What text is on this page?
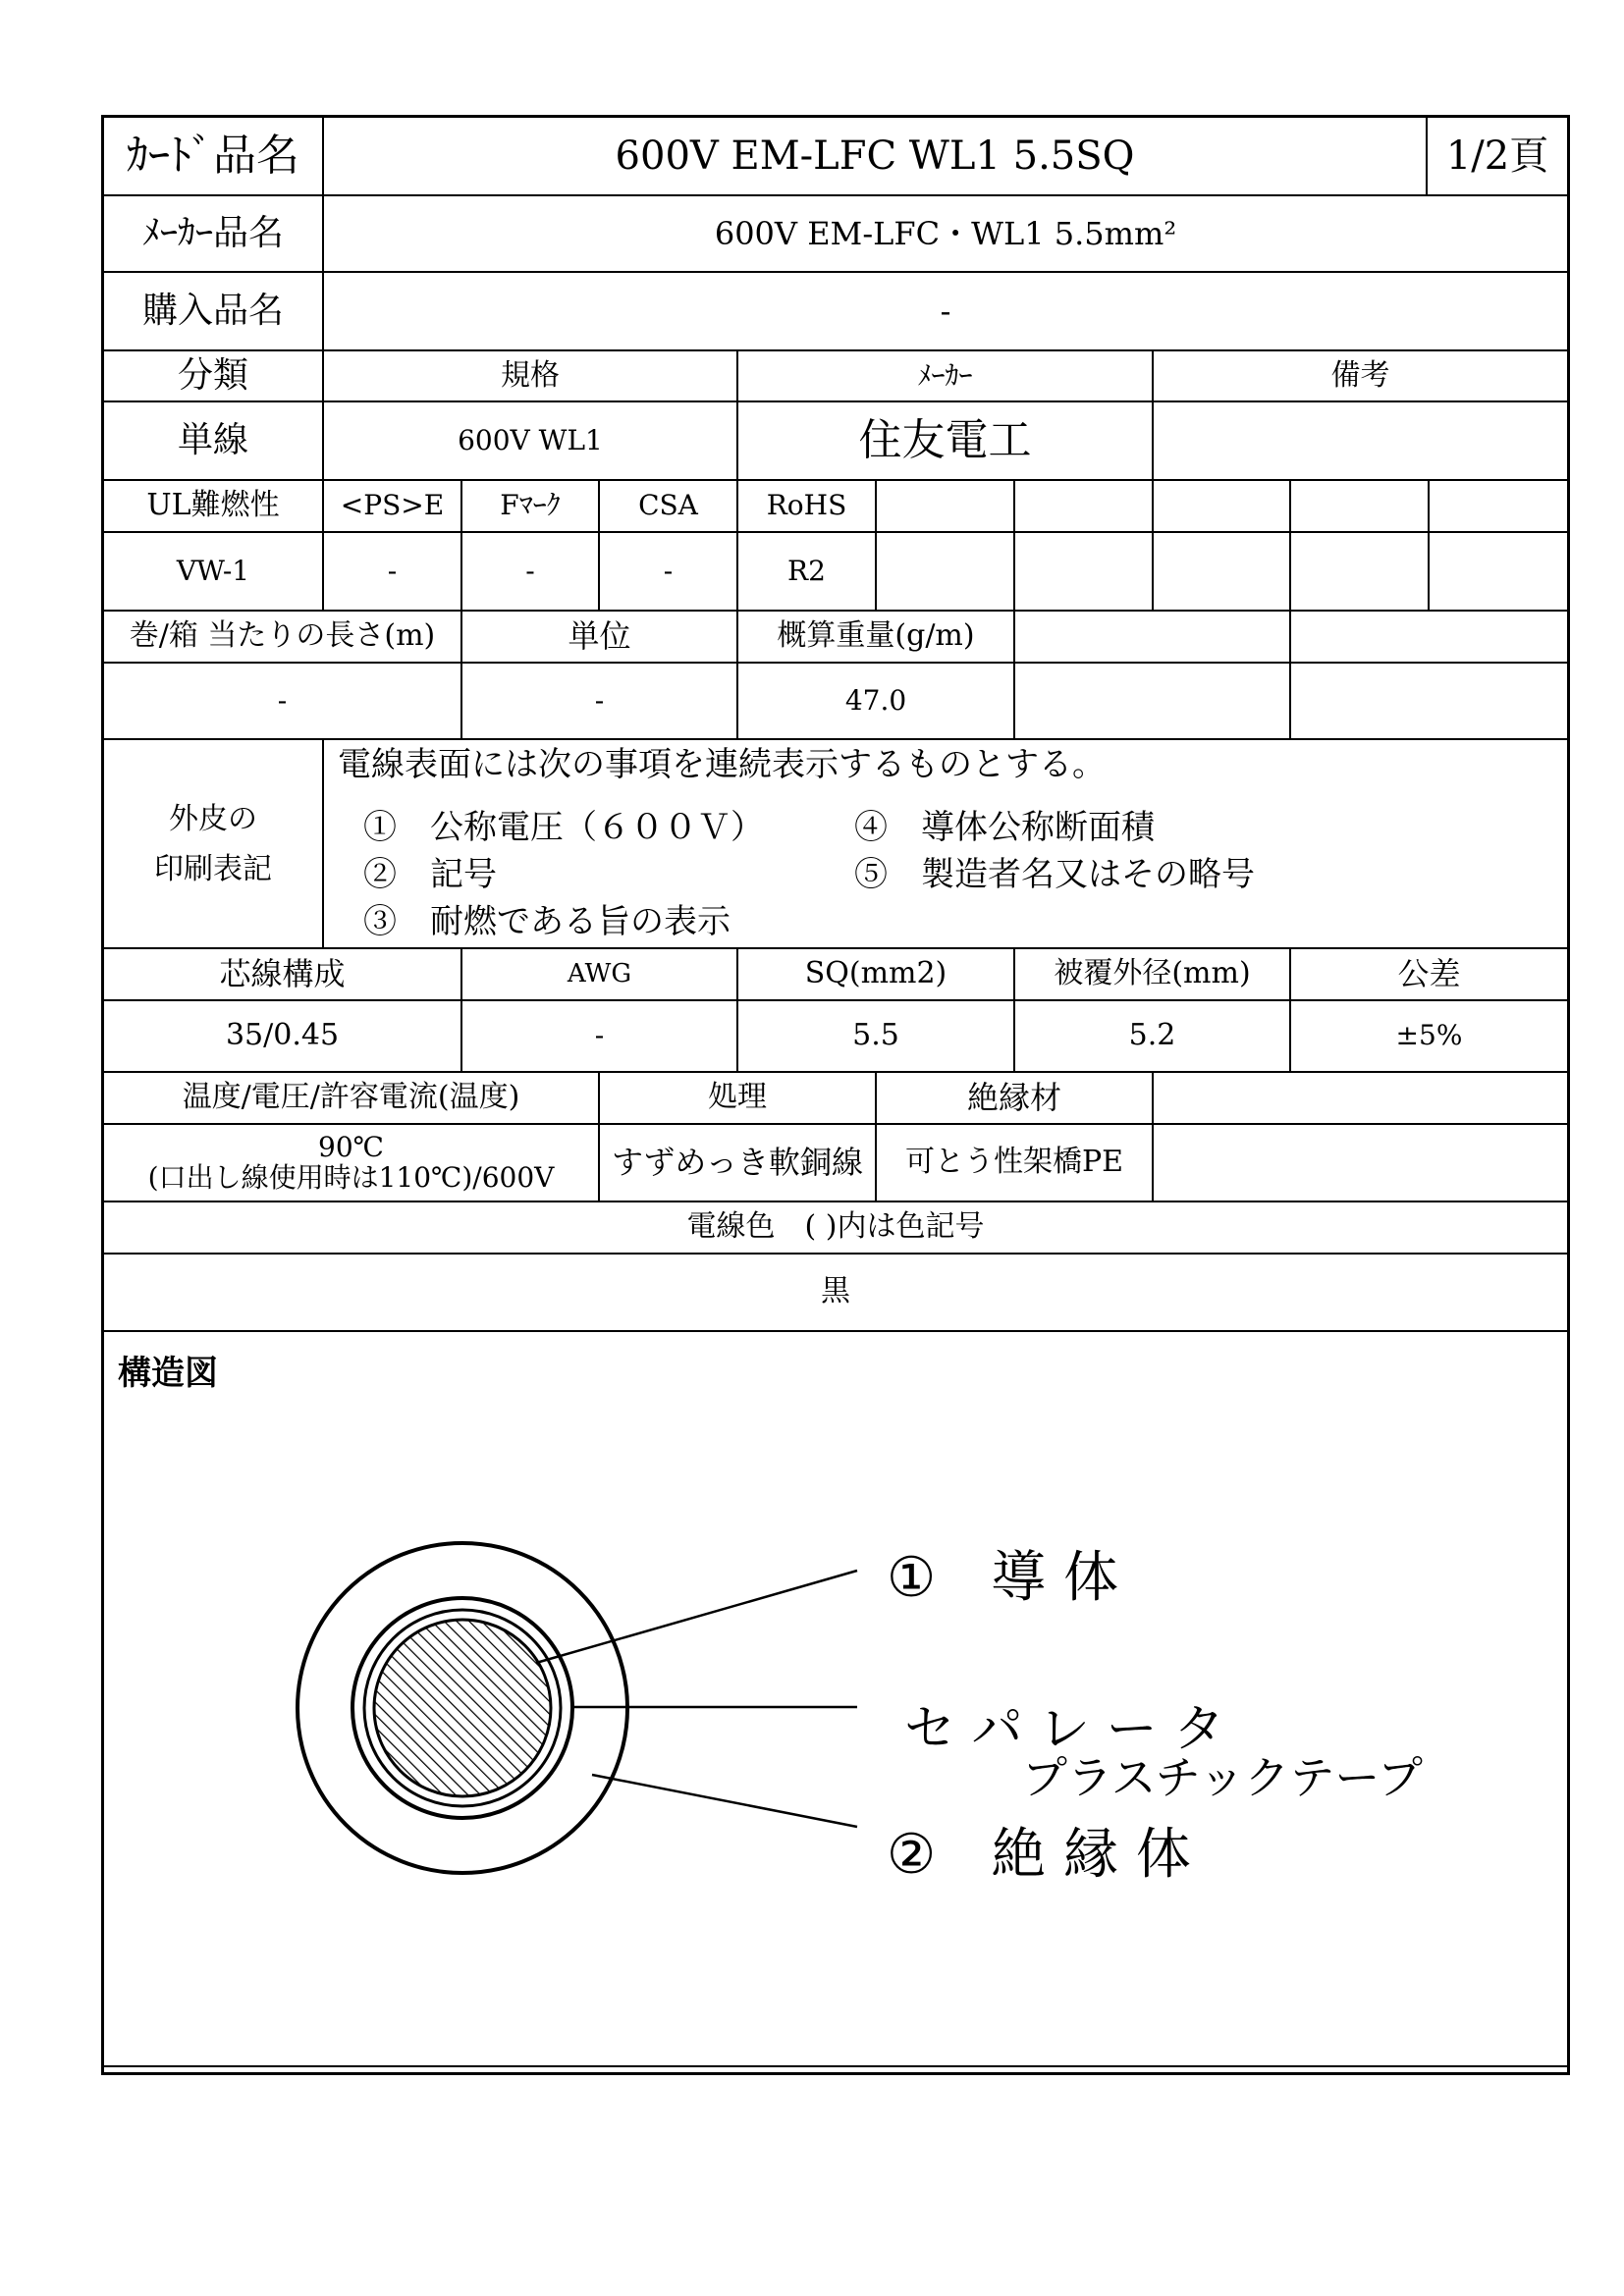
ｶｰﾄﾞ品名	600V EM-LFC WL1 5.5SQ	1/2頁
ﾒｰｶｰ品名	600V EM-LFC・WL1 5.5mm²
購入品名	-
分類	規格	ﾒｰｶｰ	備考
単線	600V WL1	住友電工
UL難燃性	<PS>E	Fﾏｰｸ	CSA	RoHS
VW-1	-	-	-	R2
巻/箱 当たりの長さ(m)	単位	概算重量(g/m)
-	-	47.0
外皮の
印刷表記
電線表面には次の事項を連続表示するものとする。
①　公称電圧（６００Ｖ）
②　記号
③　耐燃である旨の表示
④　導体公称断面積
⑤　製造者名又はその略号
芯線構成	AWG	SQ(mm2)	被覆外径(mm)	公差
35/0.45	-	5.5	5.2	±5%
温度/電圧/許容電流(温度)	処理	絶縁材
90℃
(口出し線使用時は110℃)/600V	すずめっき軟銅線	可とう性架橋PE
電線色　( )内は色記号
黒
構造図
①　導 体
セ パ レ ー タ
プラスチックテープ
②　絶 縁 体
